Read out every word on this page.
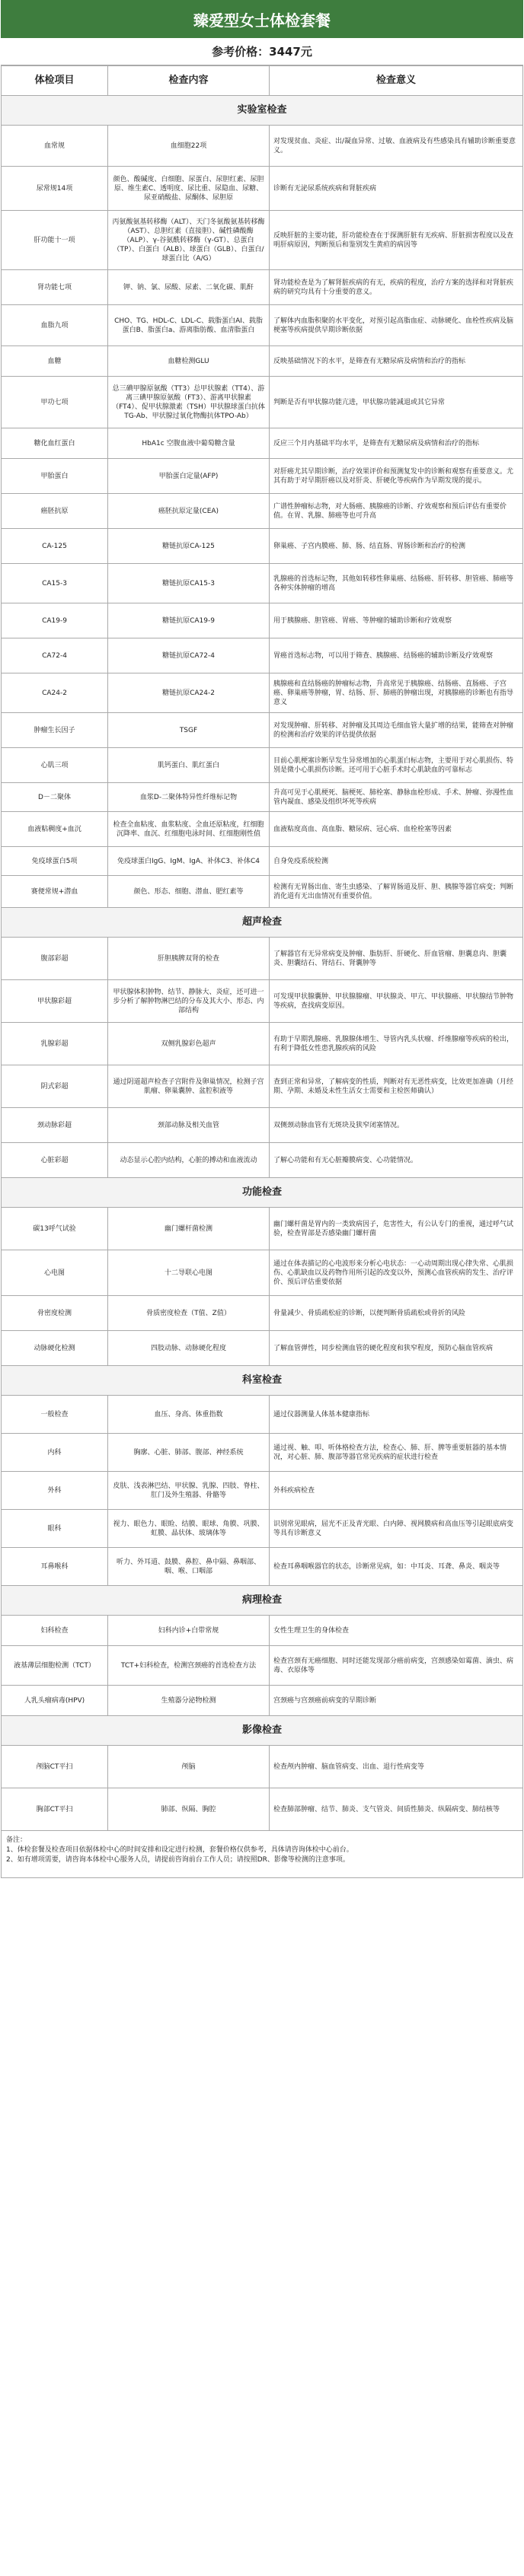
臻爱型女士体检套餐
参考价格：3447元
体检项目	检查内容	检查意义
实验室检查		
血常规	血细胞22项	对发现贫血、炎症、出/凝血异常、过敏、血液病及有些感染具有辅助诊断重要意义。
尿常规14项	颜色、酸碱度、白细胞、尿蛋白、尿胆红素、尿胆原、维生素C、透明度、尿比重、尿隐血、尿糖、尿亚硝酸盐、尿酮体、尿胆原	诊断有无泌尿系统疾病和肾脏疾病
肝功能十一项	丙氨酸氨基转移酶（ALT）、天门冬氨酸氨基转移酶（AST）、总胆红素（直接胆）、碱性磷酸酶（ALP）、γ-谷氨酰转移酶（γ-GT）、总蛋白（TP）、白蛋白（ALB）、球蛋白（GLB）、白蛋白/球蛋白比（A/G）	反映肝脏的主要功能，肝功能检查在于探测肝脏有无疾病、肝脏损害程度以及查明肝病原因，判断预后和鉴别发生黄疸的病因等
肾功能七项	钾、钠、氯、尿酸、尿素、二氧化碳、肌酐	肾功能检查是为了解肾脏疾病的有无，疾病的程度，治疗方案的选择和对肾脏疾病的研究均具有十分重要的意义。
血脂九项	CHO、TG、HDL-C、LDL-C、载脂蛋白AI、载脂蛋白B、脂蛋白a、游离脂肪酸、血清脂蛋白	了解体内血脂积聚的水平变化，对预引起高脂血症、动脉硬化、血栓性疾病及脑梗塞等疾病提供早期诊断依据
血糖	血糖检测GLU	反映基础情况下的水平，是筛查有无糖尿病及病情和治疗的指标
甲功七项	总三碘甲腺原氨酸（TT3）总甲状腺素（TT4）、游离三碘甲腺原氨酸（FT3）、游离甲状腺素（FT4）、促甲状腺激素（TSH）甲状腺球蛋白抗体TG-Ab、甲状腺过氧化物酶抗体TPO-Ab）	判断是否有甲状腺功能亢进，甲状腺功能减退或其它异常
糖化血红蛋白	HbA1c 空腹血液中葡萄糖含量	反应三个月内基础平均水平，是筛查有无糖尿病及病情和治疗的指标
甲胎蛋白	甲胎蛋白定量(AFP)	对肝癌尤其早期诊断，治疗效果评价和预测复发中的诊断和观察有重要意义。尤其有助于对早期肝癌以及对肝炎、肝硬化等疾病作为早期发现的提示。
癌胚抗原	癌胚抗原定量(CEA)	广谱性肿瘤标志物，对大肠癌、胰腺癌的诊断、疗效观察和预后评估有重要价值。在胃、乳腺、肺癌等也可升高
CA-125	糖链抗原CA-125	卵巢癌、子宫内膜癌、肺、肠、结直肠、胃肠诊断和治疗的检测
CA15-3	糖链抗原CA15-3	乳腺癌的首选标记物，其他如转移性卵巢癌、结肠癌、肝转移、胆管癌、肺癌等各种实体肿瘤的增高
CA19-9	糖链抗原CA19-9	用于胰腺癌、胆管癌、胃癌、等肿瘤的辅助诊断和疗效观察
CA72-4	糖链抗原CA72-4	胃癌首选标志物，可以用于筛查、胰腺癌、结肠癌的辅助诊断及疗效观察
CA24-2	糖链抗原CA24-2	胰腺癌和直结肠癌的肿瘤标志物，升高常见于胰腺癌、结肠癌、直肠癌、子宫癌、卵巢癌等肿瘤，胃、结肠、肝、肺癌的肿瘤出现，对胰腺癌的诊断也有指导意义
肿瘤生长因子	TSGF	对发现肿瘤、肝转移、对肿瘤及其周边毛细血管大量扩增的结果，能筛查对肿瘤的检测和治疗效果的评估提供依据
心肌三项	肌钙蛋白、肌红蛋白	目前心肌梗塞诊断早发生异常增加的心肌蛋白标志物，主要用于对心肌损伤、特别是微小心肌损伤诊断。还可用于心脏手术时心肌缺血的可靠标志
D－二聚体	血浆D-二聚体特异性纤维标记物	升高可见于心肌梗死、脑梗死、肺栓塞、静脉血栓形成、手术、肿瘤、弥漫性血管内凝血、感染及组织坏死等疾病
血液粘稠度+血沉	检查全血粘度、血浆粘度、全血还原粘度，红细胞沉降率、血沉、红细胞电泳时间、红细胞刚性值	血液粘度高血、高血脂、糖尿病、冠心病、血栓栓塞等因素
免疫球蛋白5项	免疫球蛋白IgG、IgM、IgA、补体C3、补体C4	自身免疫系统检测
赛便常规+潜血	颜色、形态、细胞、潜血、肥红素等	检测有无胃肠出血、寄生虫感染、了解胃肠道及肝、胆、胰腺等器官病变；判断消化道有无出血情况有重要价值。
超声检查		
腹部彩超	肝胆胰脾双肾的检查	了解器官有无异常病变及肿瘤、脂肪肝、肝硬化、肝血管瘤、胆囊息肉、胆囊炎、胆囊结石、肾结石、肾囊肿等
甲状腺彩超	甲状腺体积肿物、结节、静脉大、炎症，还可进一步分析了解肿物淋巴结的分布及其大小、形态、内部结构	可发现甲状腺囊肿、甲状腺腺瘤、甲状腺炎、甲亢、甲状腺癌、甲状腺结节肿物等疾病，查找病变原因。
乳腺彩超	双侧乳腺彩色超声	有助于早期乳腺癌、乳腺腺体增生、导管内乳头状瘤、纤维腺瘤等疾病的检出，有利于降低女性患乳腺疾病的风险
阴式彩超	通过阴道超声检查子宫附件及卵巢情况，检测子宫肌瘤、卵巢囊肿、盆腔积液等	查到正常和异常，了解病变的性质，判断对有无恶性病变，比效更加准确（月经期、孕期、未婚及未性生活女士需要和主检医师确认）
颈动脉彩超	颈部动脉及相关血管	双侧颈动脉血管有无斑块及狭窄闭塞情况。
心脏彩超	动态显示心腔内结构，心脏的搏动和血液流动	了解心功能和有无心脏瓣膜病变、心功能情况。
功能检查		
碳13呼气试验	幽门螺杆菌检测	幽门螺杆菌是胃内的一类致病因子，危害性大，有公认专门的重视，通过呼气试验，检查胃部是否感染幽门螺杆菌
心电图	十二导联心电图	通过在体表描记的心电波形来分析心电状态：一心动周期出现心律失常、心肌损伤、心肌缺血以及药物作用所引起的改变以外，预测心血管疾病的发生、治疗评价、预后评估重要依据
骨密度检测	骨质密度检查（T值、Z值）	骨量减少、骨质疏松症的诊断，以便判断骨质疏松或骨折的风险
动脉硬化检测	四肢动脉、动脉硬化程度	了解血管弹性，同步检测血管的硬化程度和狭窄程度，预防心脑血管疾病
科室检查		
一般检查	血压、身高、体重指数	通过仪器测量人体基本健康指标
内科	胸廓、心脏、肺部、腹部、神经系统	通过视、触、叩、听体格检查方法，检查心、肺、肝、脾等重要脏器的基本情况，对心脏、肺、腹部等器官常见疾病的症状进行检查
外科	皮肤、浅表淋巴结、甲状腺、乳腺、四肢、脊柱、肛门及外生殖器、骨骼等	外科疾病检查
眼科	视力、眼色力、眼睑、结膜、眼球、角膜、巩膜、虹膜、晶状体、玻璃体等	识别常见眼病，屈光不正及青光眼、白内障、视网膜病和高血压等引起眼底病变等具有诊断意义
耳鼻喉科	听力、外耳道、鼓膜、鼻腔、鼻中隔、鼻咽部、咽、喉、口咽部	检查耳鼻咽喉器官的状态，诊断常见病，如：中耳炎、耳聋、鼻炎、咽炎等
病理检查		
妇科检查	妇科内诊+白带常规	女性生理卫生的身体检查
液基薄层细胞检测（TCT）	TCT+妇科检查，检测宫颈癌的首选检查方法	检查宫颈有无癌细胞、同时还能发现部分癌前病变，宫颈感染如霉菌、滴虫、病毒、衣原体等
人乳头瘤病毒(HPV)	生殖器分泌物检测	宫颈癌与宫颈癌前病变的早期诊断
影像检查		
颅脑CT平扫	颅脑	检查颅内肿瘤、脑血管病变、出血、退行性病变等
胸部CT平扫	肺部、纵隔、胸腔	检查肺部肿瘤、结节、肺炎、支气管炎、间质性肺炎、纵隔病变、肺结核等
备注：
1、体检套餐及检查项目依据体检中心的时间安排和设定进行检测，套餐价格仅供参考，具体请咨询体检中心前台。
2、如有增项需要，请咨询本体检中心服务人员，请提前咨询前台工作人员；请按照DR、影像等检测的注意事项。
